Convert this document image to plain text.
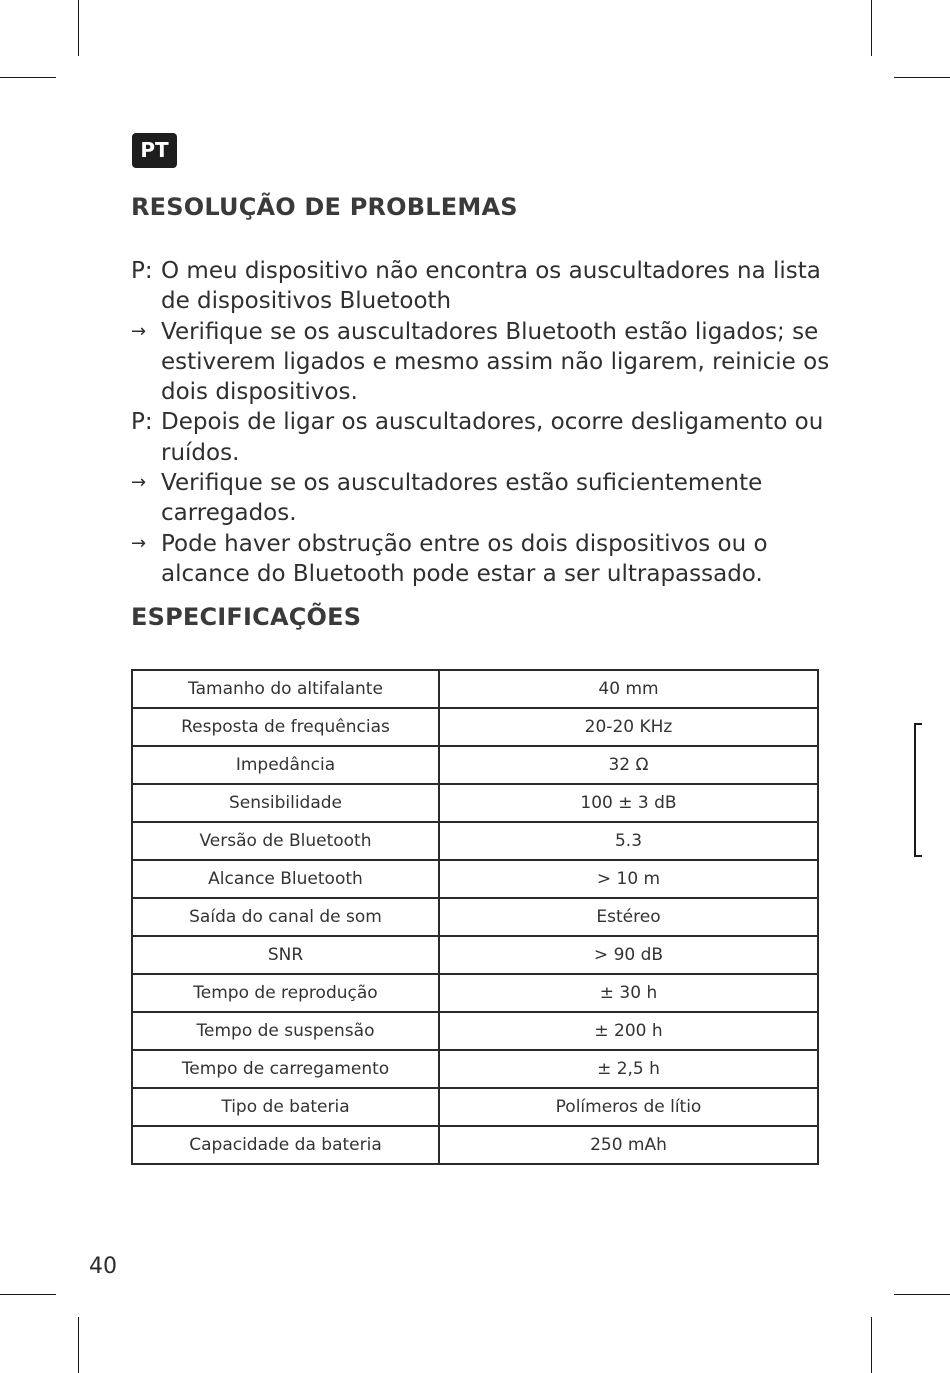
PT
RESOLUÇÃO DE PROBLEMAS
P: O meu dispositivo não encontra os auscultadores na lista de dispositivos Bluetooth
→ Verifique se os auscultadores Bluetooth estão ligados; se estiverem ligados e mesmo assim não ligarem, reinicie os dois dispositivos.
P: Depois de ligar os auscultadores, ocorre desligamento ou ruídos.
→ Verifique se os auscultadores estão suficientemente carregados.
→ Pode haver obstrução entre os dois dispositivos ou o alcance do Bluetooth pode estar a ser ultrapassado.
ESPECIFICAÇÕES
Tamanho do altifalante	40 mm
Resposta de frequências	20-20 KHz
Impedância	32 Ω
Sensibilidade	100 ± 3 dB
Versão de Bluetooth	5.3
Alcance Bluetooth	> 10 m
Saída do canal de som	Estéreo
SNR	> 90 dB
Tempo de reprodução	± 30 h
Tempo de suspensão	± 200 h
Tempo de carregamento	± 2,5 h
Tipo de bateria	Polímeros de lítio
Capacidade da bateria	250 mAh
40
